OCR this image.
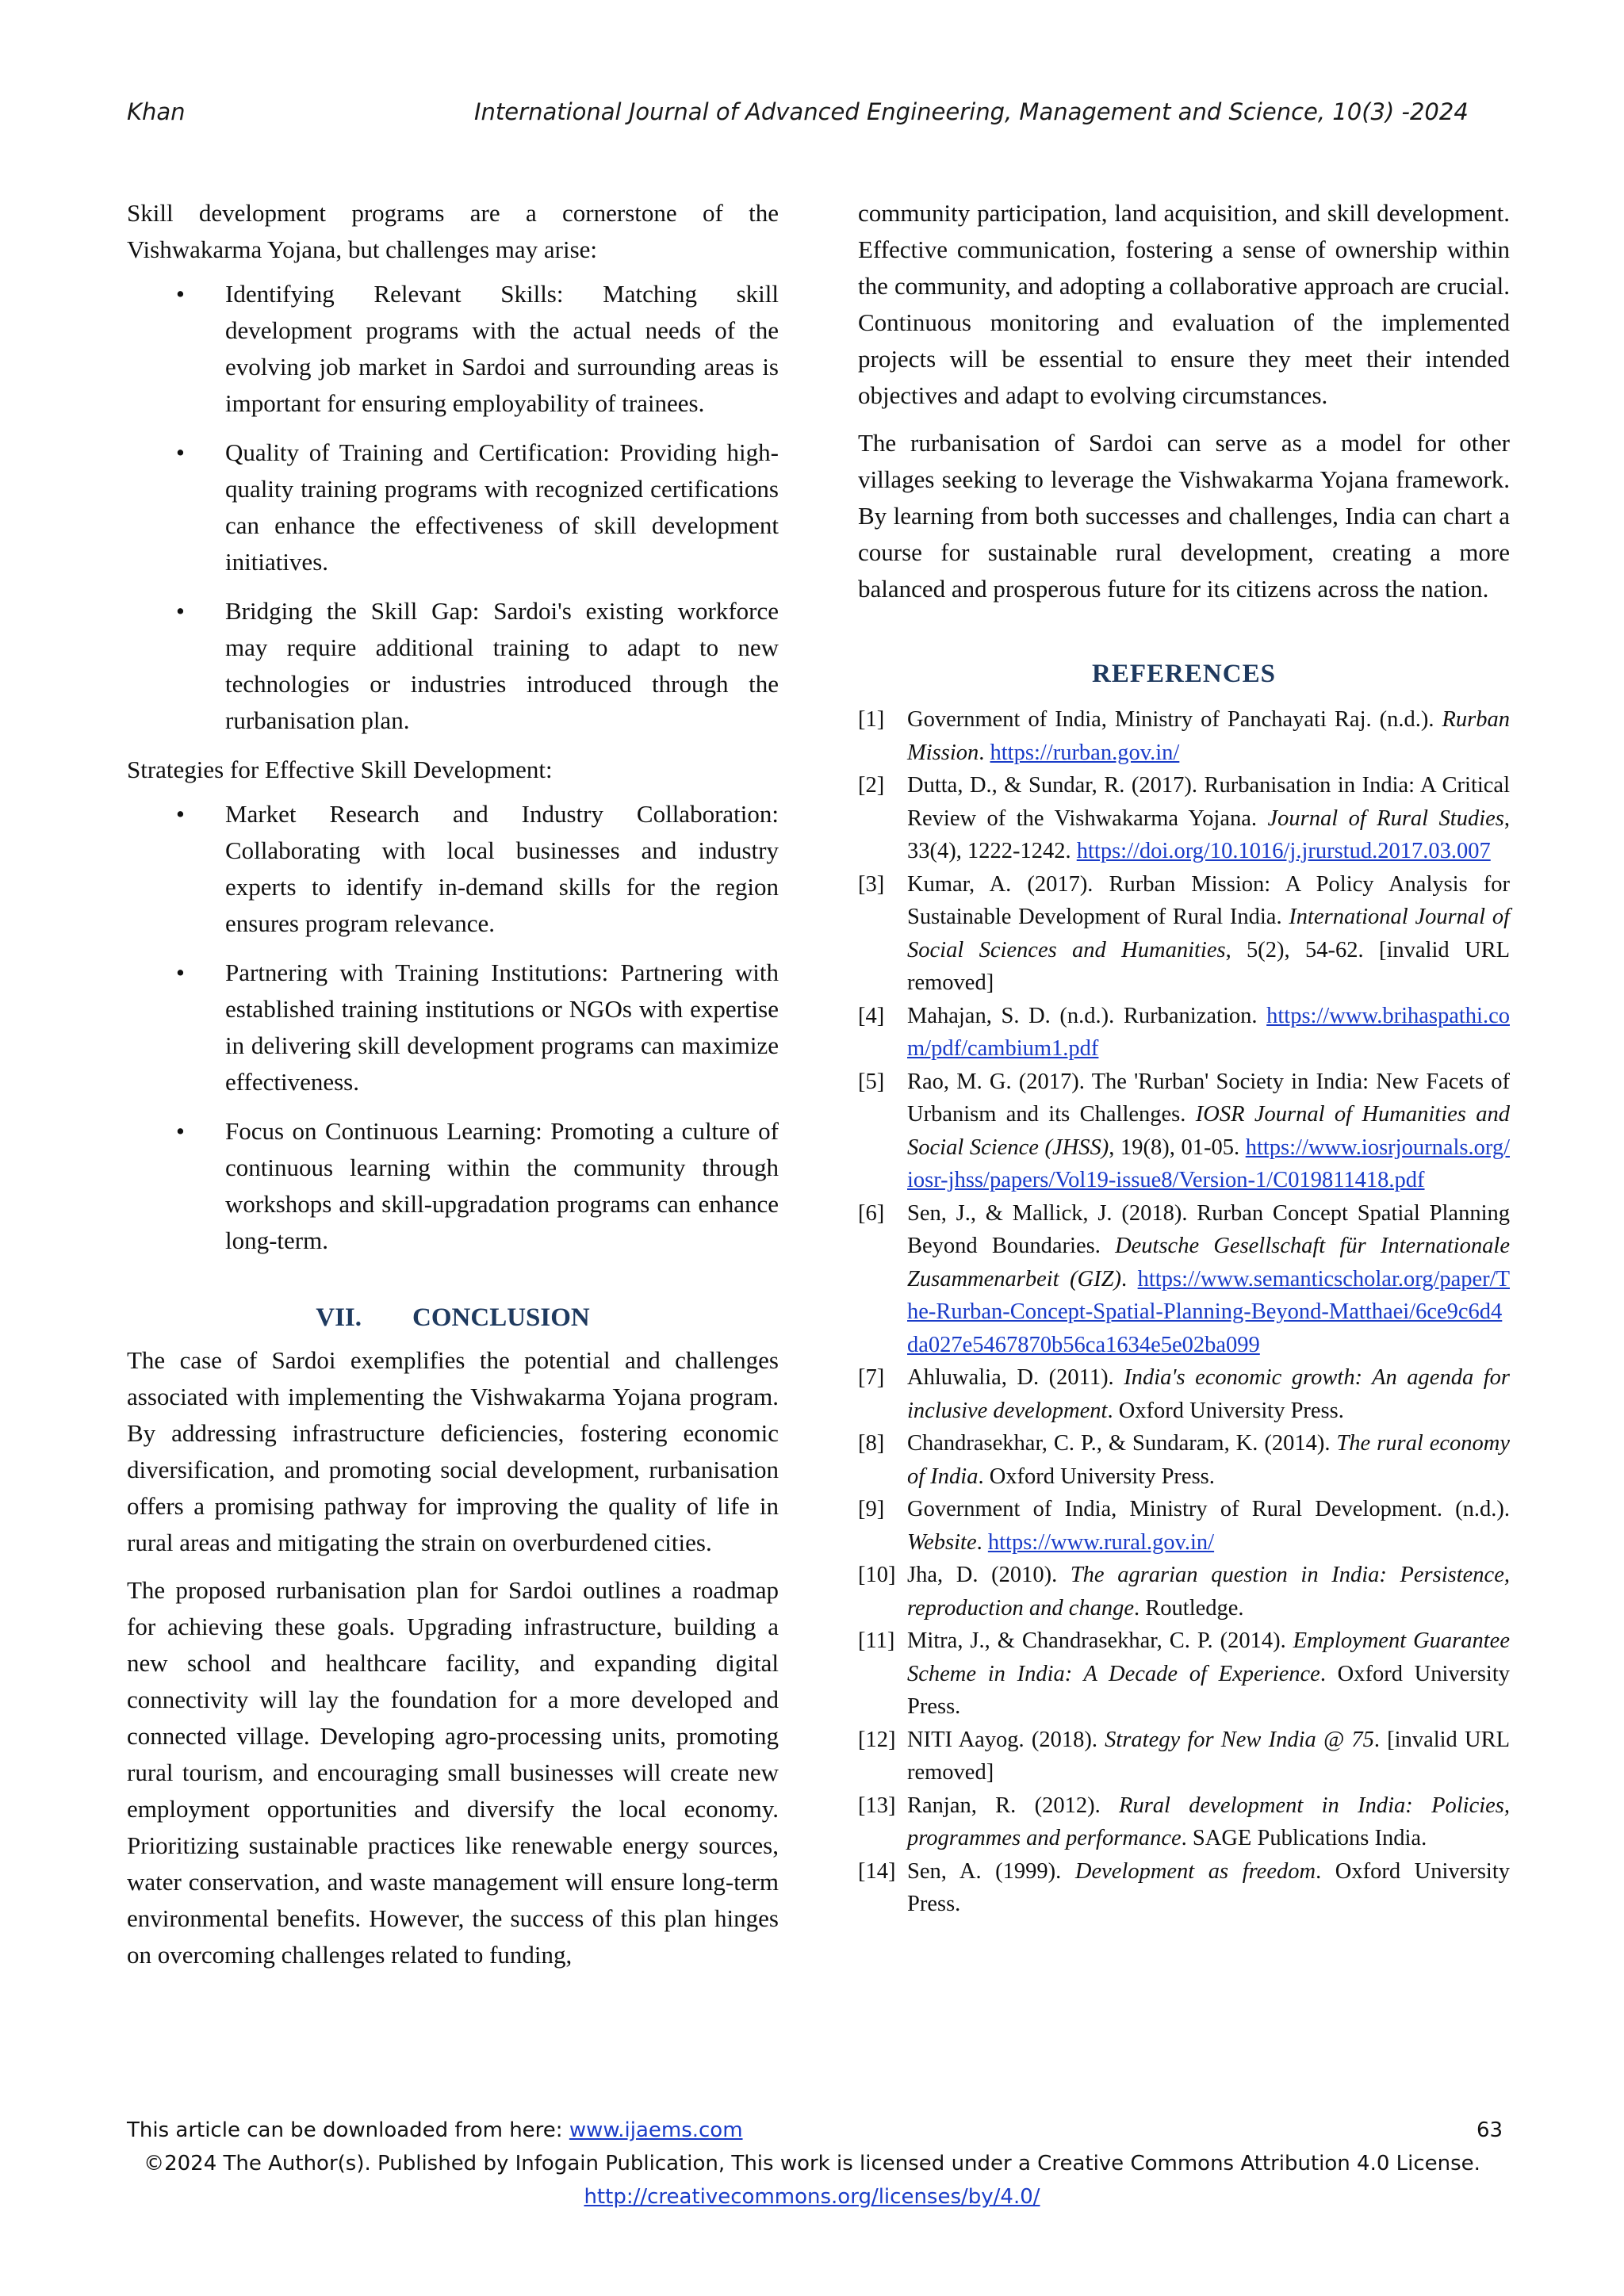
Khan	International Journal of Advanced Engineering, Management and Science, 10(3) -2024

Skill development programs are a cornerstone of the Vishwakarma Yojana, but challenges may arise:

• Identifying Relevant Skills: Matching skill development programs with the actual needs of the evolving job market in Sardoi and surrounding areas is important for ensuring employability of trainees.
• Quality of Training and Certification: Providing high-quality training programs with recognized certifications can enhance the effectiveness of skill development initiatives.
• Bridging the Skill Gap: Sardoi's existing workforce may require additional training to adapt to new technologies or industries introduced through the rurbanisation plan.

Strategies for Effective Skill Development:

• Market Research and Industry Collaboration: Collaborating with local businesses and industry experts to identify in-demand skills for the region ensures program relevance.
• Partnering with Training Institutions: Partnering with established training institutions or NGOs with expertise in delivering skill development programs can maximize effectiveness.
• Focus on Continuous Learning: Promoting a culture of continuous learning within the community through workshops and skill-upgradation programs can enhance long-term.
VII. CONCLUSION

The case of Sardoi exemplifies the potential and challenges associated with implementing the Vishwakarma Yojana program. By addressing infrastructure deficiencies, fostering economic diversification, and promoting social development, rurbanisation offers a promising pathway for improving the quality of life in rural areas and mitigating the strain on overburdened cities.

The proposed rurbanisation plan for Sardoi outlines a roadmap for achieving these goals. Upgrading infrastructure, building a new school and healthcare facility, and expanding digital connectivity will lay the foundation for a more developed and connected village. Developing agro-processing units, promoting rural tourism, and encouraging small businesses will create new employment opportunities and diversify the local economy. Prioritizing sustainable practices like renewable energy sources, water conservation, and waste management will ensure long-term environmental benefits. However, the success of this plan hinges on overcoming challenges related to funding,

community participation, land acquisition, and skill development. Effective communication, fostering a sense of ownership within the community, and adopting a collaborative approach are crucial. Continuous monitoring and evaluation of the implemented projects will be essential to ensure they meet their intended objectives and adapt to evolving circumstances.

The rurbanisation of Sardoi can serve as a model for other villages seeking to leverage the Vishwakarma Yojana framework. By learning from both successes and challenges, India can chart a course for sustainable rural development, creating a more balanced and prosperous future for its citizens across the nation.

REFERENCES
[1] Government of India, Ministry of Panchayati Raj. (n.d.). Rurban Mission. https://rurban.gov.in/
[2] Dutta, D., & Sundar, R. (2017). Rurbanisation in India: A Critical Review of the Vishwakarma Yojana. Journal of Rural Studies, 33(4), 1222-1242. https://doi.org/10.1016/j.jrurstud.2017.03.007
[3] Kumar, A. (2017). Rurban Mission: A Policy Analysis for Sustainable Development of Rural India. International Journal of Social Sciences and Humanities, 5(2), 54-62. [invalid URL removed]
[4] Mahajan, S. D. (n.d.). Rurbanization. https://www.brihaspathi.com/pdf/cambium1.pdf
[5] Rao, M. G. (2017). The 'Rurban' Society in India: New Facets of Urbanism and its Challenges. IOSR Journal of Humanities and Social Science (JHSS), 19(8), 01-05. https://www.iosrjournals.org/iosr-jhss/papers/Vol19-issue8/Version-1/C019811418.pdf
[6] Sen, J., & Mallick, J. (2018). Rurban Concept Spatial Planning Beyond Boundaries. Deutsche Gesellschaft für Internationale Zusammenarbeit (GIZ). https://www.semanticscholar.org/paper/The-Rurban-Concept-Spatial-Planning-Beyond-Matthaei/6ce9c6d4da027e5467870b56ca1634e5e02ba099
[7] Ahluwalia, D. (2011). India's economic growth: An agenda for inclusive development. Oxford University Press.
[8] Chandrasekhar, C. P., & Sundaram, K. (2014). The rural economy of India. Oxford University Press.
[9] Government of India, Ministry of Rural Development. (n.d.). Website. https://www.rural.gov.in/
[10] Jha, D. (2010). The agrarian question in India: Persistence, reproduction and change. Routledge.
[11] Mitra, J., & Chandrasekhar, C. P. (2014). Employment Guarantee Scheme in India: A Decade of Experience. Oxford University Press.
[12] NITI Aayog. (2018). Strategy for New India @ 75. [invalid URL removed]
[13] Ranjan, R. (2012). Rural development in India: Policies, programmes and performance. SAGE Publications India.
[14] Sen, A. (1999). Development as freedom. Oxford University Press.
This article can be downloaded from here: www.ijaems.com	63
©2024 The Author(s). Published by Infogain Publication, This work is licensed under a Creative Commons Attribution 4.0 License.
http://creativecommons.org/licenses/by/4.0/
